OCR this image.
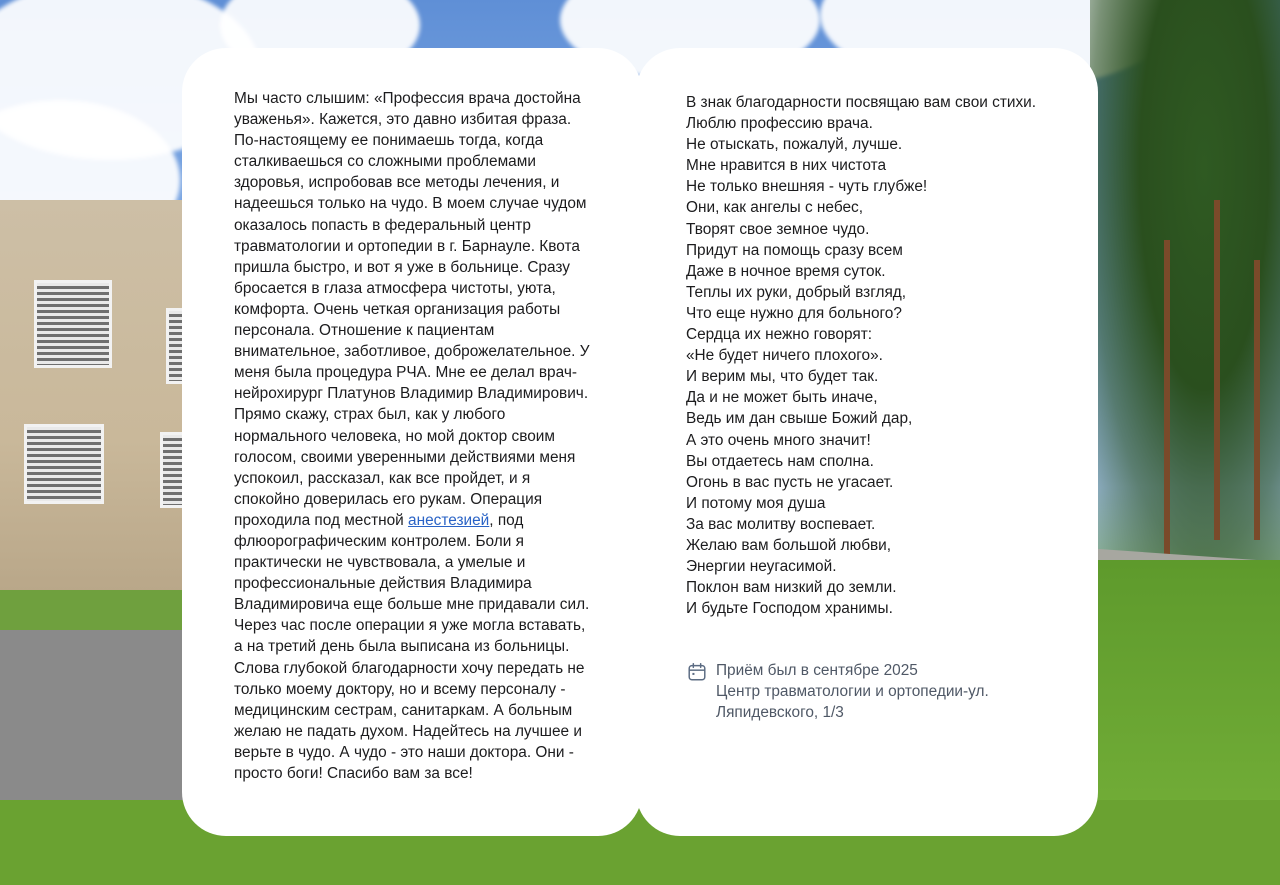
Мы часто слышим: «Профессия врача достойна уваженья». Кажется, это давно избитая фраза. По-настоящему ее понимаешь тогда, когда сталкиваешься со сложными проблемами здоровья, испробовав все методы лечения, и надеешься только на чудо. В моем случае чудом оказалось попасть в федеральный центр травматологии и ортопедии в г. Барнауле. Квота пришла быстро, и вот я уже в больнице. Сразу бросается в глаза атмосфера чистоты, уюта, комфорта. Очень четкая организация работы персонала. Отношение к пациентам внимательное, заботливое, доброжелательное. У меня была процедура РЧА. Мне ее делал врач-нейрохирург Платунов Владимир Владимирович. Прямо скажу, страх был, как у любого нормального человека, но мой доктор своим голосом, своими уверенными действиями меня успокоил, рассказал, как все пройдет, и я спокойно доверилась его рукам. Операция проходила под местной анестезией, под флюорографическим контролем. Боли я практически не чувствовала, а умелые и профессиональные действия Владимира Владимировича еще больше мне придавали сил. Через час после операции я уже могла вставать, а на третий день была выписана из больницы. Слова глубокой благодарности хочу передать не только моему доктору, но и всему персоналу - медицинским сестрам, санитаркам. А больным желаю не падать духом. Надейтесь на лучшее и верьте в чудо. А чудо - это наши доктора. Они - просто боги! Спасибо вам за все!
В знак благодарности посвящаю вам свои стихи.
Люблю профессию врача.
Не отыскать, пожалуй, лучше.
Мне нравится в них чистота
Не только внешняя - чуть глубже!
Они, как ангелы с небес,
Творят свое земное чудо.
Придут на помощь сразу всем
Даже в ночное время суток.
Теплы их руки, добрый взгляд,
Что еще нужно для больного?
Сердца их нежно говорят:
«Не будет ничего плохого».
И верим мы, что будет так.
Да и не может быть иначе,
Ведь им дан свыше Божий дар,
А это очень много значит!
Вы отдаетесь нам сполна.
Огонь в вас пусть не угасает.
И потому моя душа
За вас молитву воспевает.
Желаю вам большой любви,
Энергии неугасимой.
Поклон вам низкий до земли.
И будьте Господом хранимы.
Приём был в сентябре 2025
Центр травматологии и ортопедии-ул. Ляпидевского, 1/3
